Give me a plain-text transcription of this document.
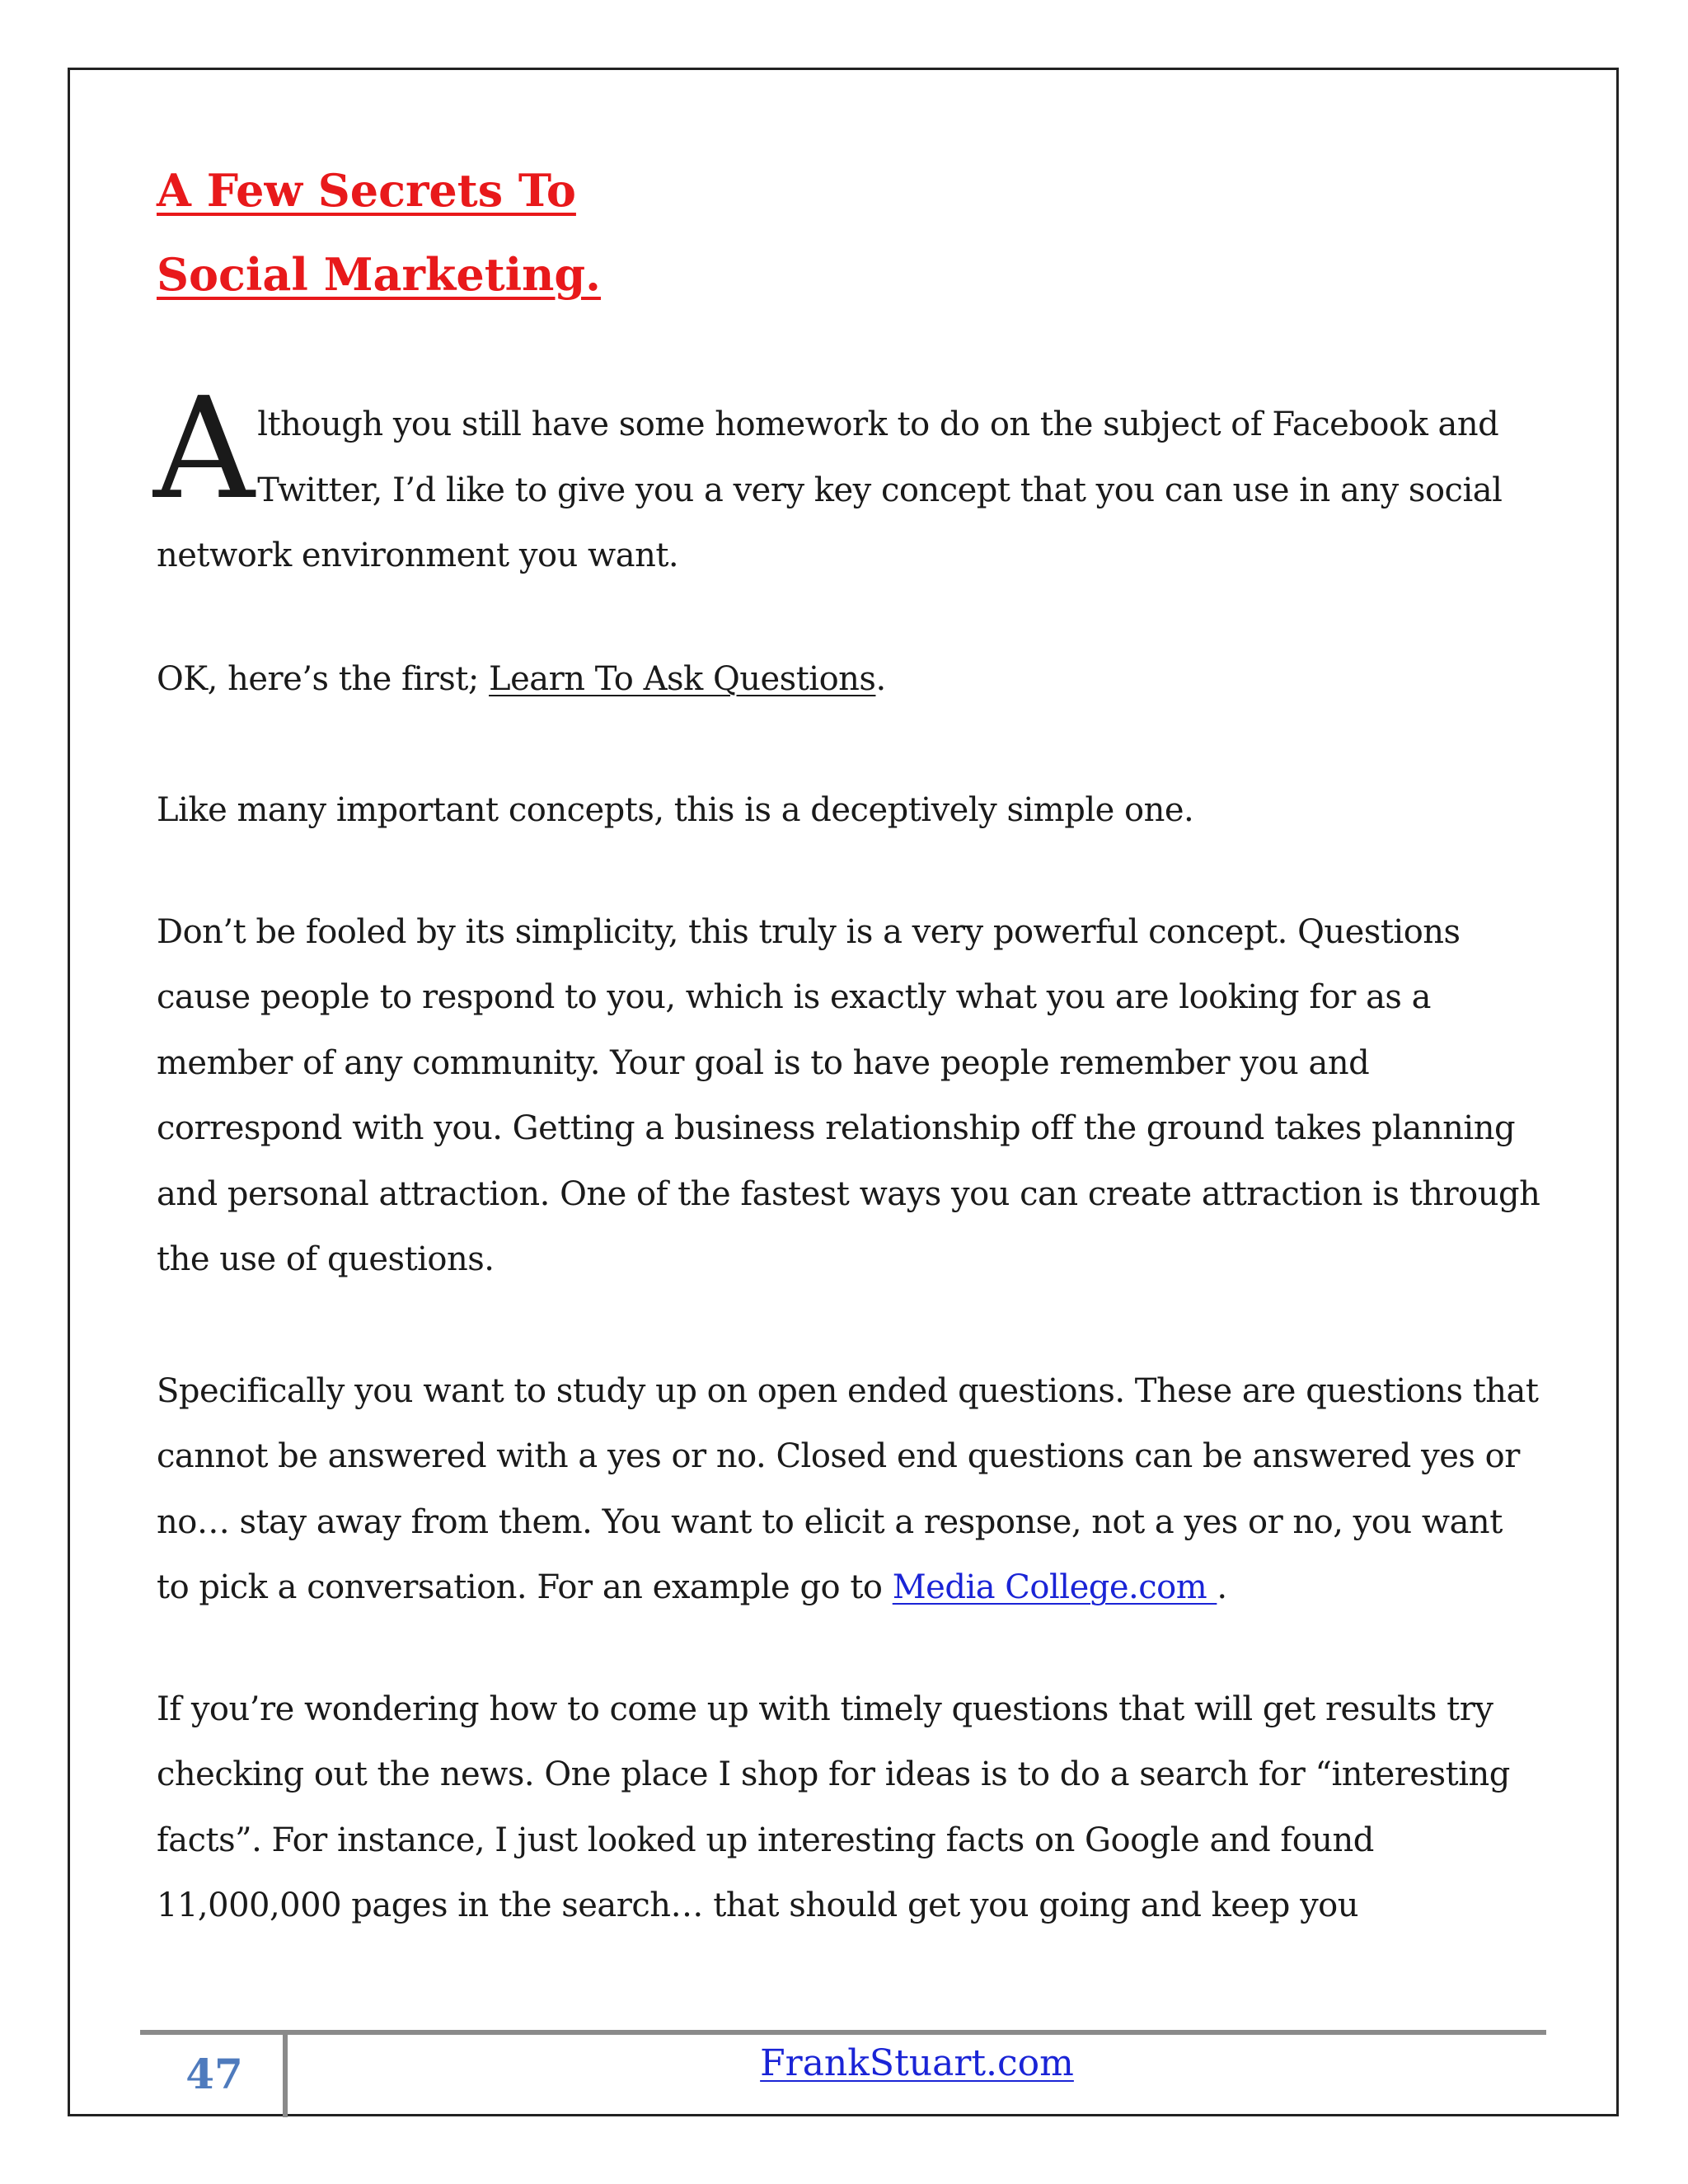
A Few Secrets To
Social Marketing.

Although you still have some homework to do on the subject of Facebook and Twitter, I’d like to give you a very key concept that you can use in any social network environment you want.

OK, here’s the first; Learn To Ask Questions.

Like many important concepts, this is a deceptively simple one.

Don’t be fooled by its simplicity, this truly is a very powerful concept. Questions cause people to respond to you, which is exactly what you are looking for as a member of any community. Your goal is to have people remember you and correspond with you. Getting a business relationship off the ground takes planning and personal attraction. One of the fastest ways you can create attraction is through the use of questions.

Specifically you want to study up on open ended questions. These are questions that cannot be answered with a yes or no. Closed end questions can be answered yes or no… stay away from them. You want to elicit a response, not a yes or no, you want to pick a conversation. For an example go to Media College.com .

If you’re wondering how to come up with timely questions that will get results try checking out the news. One place I shop for ideas is to do a search for “interesting facts”. For instance, I just looked up interesting facts on Google and found 11,000,000 pages in the search… that should get you going and keep you

47	FrankStuart.com
